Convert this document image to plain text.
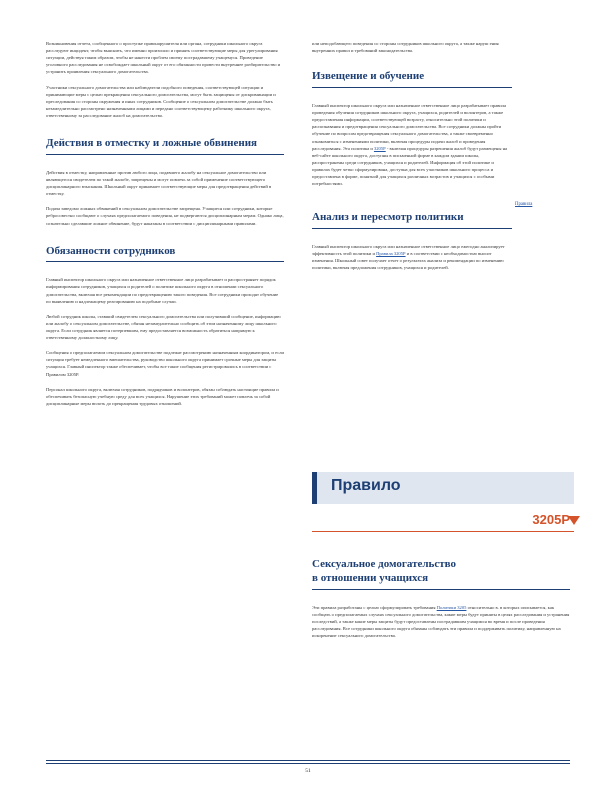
Возникновения отчета, сообщенного о проступке правонарушителя или органа, сотрудники школьного округа расследуют инцидент, чтобы выяснить, что именно произошло и принять соответствующие меры для урегулирования ситуации, действуя таким образом, чтобы не нанести проблем своему пострадавшему учащемуся. Проведение уголовного расследования не освобождает школьный округ от его обязанности провести внутреннее разбирательство и устранить проявления сексуального домогательства.

Участники сексуального домогательства или наблюдатели подобного поведения, соответствующей ситуации и принимающие меры с целью прекращения сексуального домогательства, могут быть защищены от дискриминации и преследования со стороны окружения и иных сотрудников. Сообщение о сексуальном домогательстве должно быть незамедлительно рассмотрено назначенными лицами и передано соответствующему работнику школьного округа, ответственному за расследование жалоб на домогательство.

Действия в отместку и ложные обвинения

Действия в отместку, направленные против любого лица, подавшего жалобу на сексуальное домогательство или являющегося свидетелем по такой жалобе, запрещены и могут повлечь за собой применение соответствующего дисциплинарного взыскания. Школьный округ принимает соответствующие меры для предотвращения действий в отместку.

Подача заведомо ложных обвинений в сексуальном домогательстве запрещена. Учащиеся или сотрудники, которые ребросовестно сообщают о случаях предполагаемого поведения, не подвергаются дисциплинарным мерам. Однако лица, сознательно сделавшие ложное обвинение, будут наказаны в соответствии с дисциплинарными правилами.

Обязанности сотрудников

Главный инспектор школьного округа или назначенное ответственное лицо разрабатывает и распространяет порядок информирования сотрудников, учащихся и родителей о политике школьного округа в отношении сексуального домогательства, включая все рекомендации по предотвращению такого поведения. Все сотрудники проходят обучение по выявлению и надлежащему реагированию на подобные случаи.

Любой сотрудник школы, ставший свидетелем сексуального домогательства или получивший сообщение, информацию или жалобу о сексуальном домогательстве, обязан незамедлительно сообщить об этом назначенному лицу школьного округа. Если сотрудник является потерпевшим, ему предоставляется возможность обратиться напрямую к ответственному должностному лицу.

Сообщения о предполагаемом сексуальном домогательстве подлежат рассмотрению назначенным координатором, и если ситуация требует немедленного вмешательства, руководство школьного округа принимает срочные меры для защиты учащихся. Главный инспектор также обеспечивает, чтобы все такие сообщения регистрировались в соответствии с Правилом 3205Р.

Персонал школьного округа, включая сотрудников, подрядчиков и волонтеров, обязан соблюдать настоящие правила и обеспечивать безопасную учебную среду для всех учащихся. Нарушение этих требований может повлечь за собой дисциплинарные меры вплоть до прекращения трудовых отношений.

или неподобающего поведения со стороны сотрудников школьного округа, а также наруш ения внутренних правил и требований законодательства.

Извещение и обучение

Главный инспектор школьного округа или назначенное ответственное лицо разрабатывает правила проведения обучения сотрудников школьного округа, учащихся, родителей и волонтеров, а также предоставления информации, соответствующей возрасту, относительно этой политики и распознавания и предотвращения сексуального домогательства. Все сотрудники должны пройти обучение по вопросам предотвращения сексуального домогательства, а также своевременно ознакомиться с изменениями политики, включая процедуры подачи жалоб и проведения расследования. Эта политика и 3205Р - включая процедуры разрешения жалоб будут размещены на веб-сайте школьного округа, доступны в письменной форме в каждом здании школы, распространены среди сотрудников, учащихся и родителей. Информация об этой политике и правилах будет четко сформулирована, доступна для всех участников школьного процесса и предоставлена в форме, понятной для учащихся различных возрастов и учащихся с особыми потребностями.

Анализ и пересмотр политики

Главный инспектор школьного округа или назначенное ответственное лицо ежегодно анализирует эффективность этой политики и Правила 3205Р и в соответствии с необходимостью вносит изменения. Школьный совет получает отчет о результатах анализа и рекомендации по изменению политики, включая предложения сотрудников, учащихся и родителей.

Правила
Правило
3205Р
Сексуальное домогательство
в отношении учащихся

Эти правила разработаны с целью сформулировать требования Политики 3205 относительно в. в которых описывается, как сообщать о предполагаемых случаях сексуального домогательства, какие меры будут приняты в целях расследования и устранения последствий, а также какие меры защиты будут предоставлены пострадавшим учащимся во время и после проведения расследования. Все сотрудники школьного округа обязаны соблюдать эти правила и поддерживать политику, направленную на искоренение сексуального домогательства.

51
